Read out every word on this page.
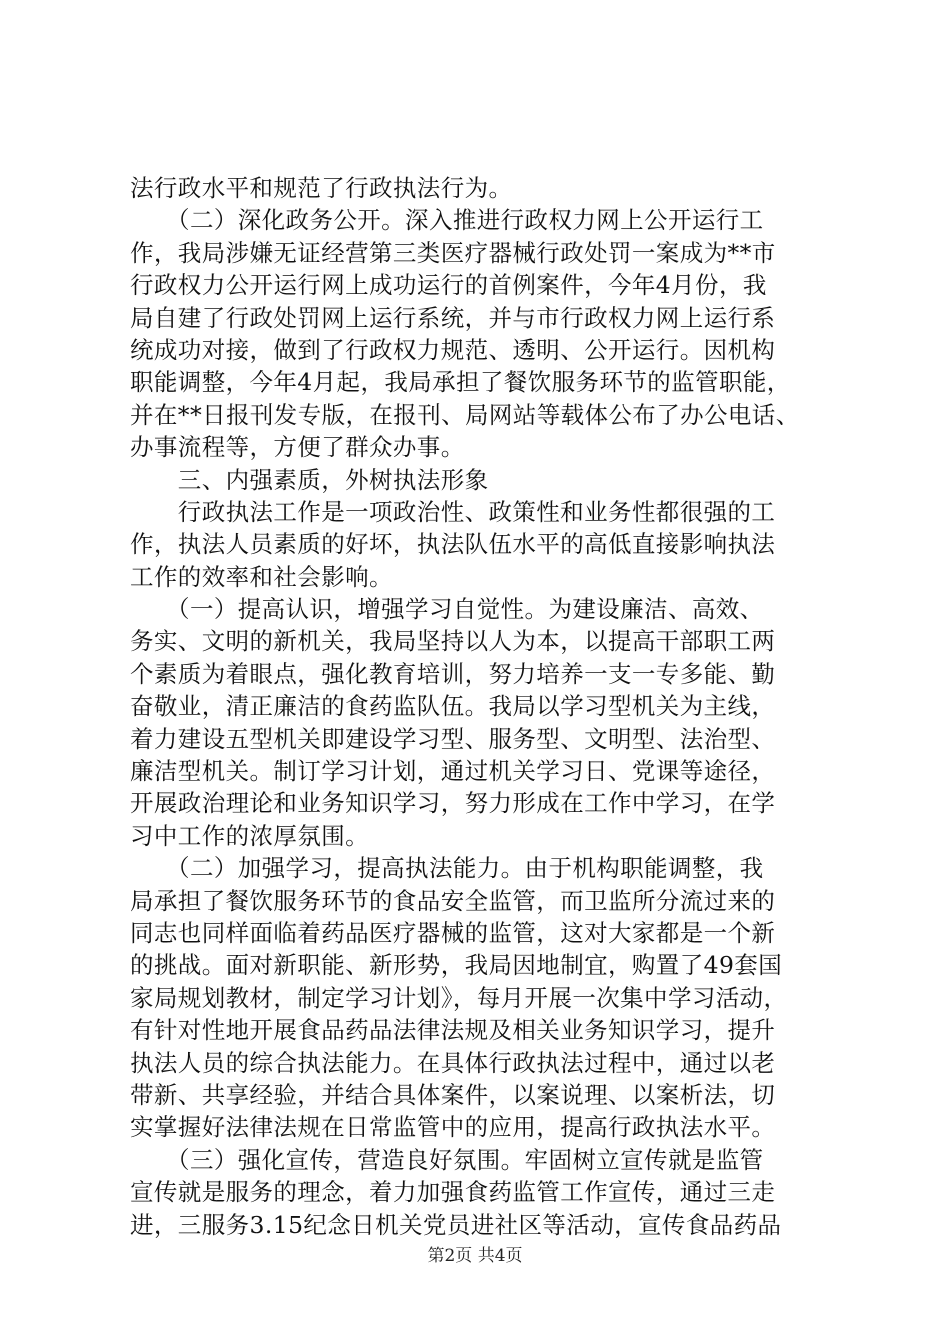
法行政水平和规范了行政执法行为。
　　（二）深化政务公开。深入推进行政权力网上公开运行工
作，我局涉嫌无证经营第三类医疗器械行政处罚一案成为**市
行政权力公开运行网上成功运行的首例案件，今年4月份，我
局自建了行政处罚网上运行系统，并与市行政权力网上运行系
统成功对接，做到了行政权力规范、透明、公开运行。因机构
职能调整，今年4月起，我局承担了餐饮服务环节的监管职能，
并在**日报刊发专版，在报刊、局网站等载体公布了办公电话、
办事流程等，方便了群众办事。
　　三、内强素质，外树执法形象
　　行政执法工作是一项政治性、政策性和业务性都很强的工
作，执法人员素质的好坏，执法队伍水平的高低直接影响执法
工作的效率和社会影响。
　　（一）提高认识，增强学习自觉性。为建设廉洁、高效、
务实、文明的新机关，我局坚持以人为本，以提高干部职工两
个素质为着眼点，强化教育培训，努力培养一支一专多能、勤
奋敬业，清正廉洁的食药监队伍。我局以学习型机关为主线，
着力建设五型机关即建设学习型、服务型、文明型、法治型、
廉洁型机关。制订学习计划，通过机关学习日、党课等途径，
开展政治理论和业务知识学习，努力形成在工作中学习，在学
习中工作的浓厚氛围。
　　（二）加强学习，提高执法能力。由于机构职能调整，我
局承担了餐饮服务环节的食品安全监管，而卫监所分流过来的
同志也同样面临着药品医疗器械的监管，这对大家都是一个新
的挑战。面对新职能、新形势，我局因地制宜，购置了49套国
家局规划教材，制定学习计划》，每月开展一次集中学习活动，
有针对性地开展食品药品法律法规及相关业务知识学习，提升
执法人员的综合执法能力。在具体行政执法过程中，通过以老
带新、共享经验，并结合具体案件，以案说理、以案析法，切
实掌握好法律法规在日常监管中的应用，提高行政执法水平。
　　（三）强化宣传，营造良好氛围。牢固树立宣传就是监管
宣传就是服务的理念，着力加强食药监管工作宣传，通过三走
进，三服务3.15纪念日机关党员进社区等活动，宣传食品药品
第2页 共4页
